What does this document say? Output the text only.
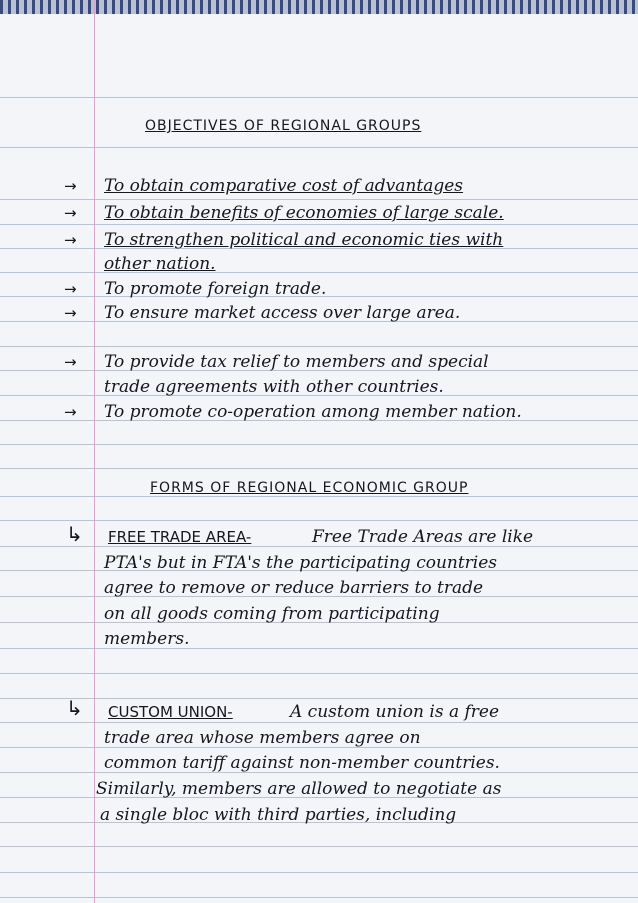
OBJECTIVES OF REGIONAL GROUPS
→ To obtain comparative cost of advantages
→ To obtain benefits of economies of large scale.
→ To strengthen political and economic ties with
other nation.
→ To promote foreign trade.
→ To ensure market access over large area.
→ To provide tax relief to members and special
trade agreements with other countries.
→ To promote co-operation among member nation.
FORMS OF REGIONAL ECONOMIC GROUP
↳ FREE TRADE AREA-	Free Trade Areas are like
PTA's but in FTA's the participating countries
agree to remove or reduce barriers to trade
on all goods coming from participating
members.
↳ CUSTOM UNION-	A custom union is a free
trade area whose members agree on
common tariff against non-member countries.
Similarly, members are allowed to negotiate as
a single bloc with third parties, including
